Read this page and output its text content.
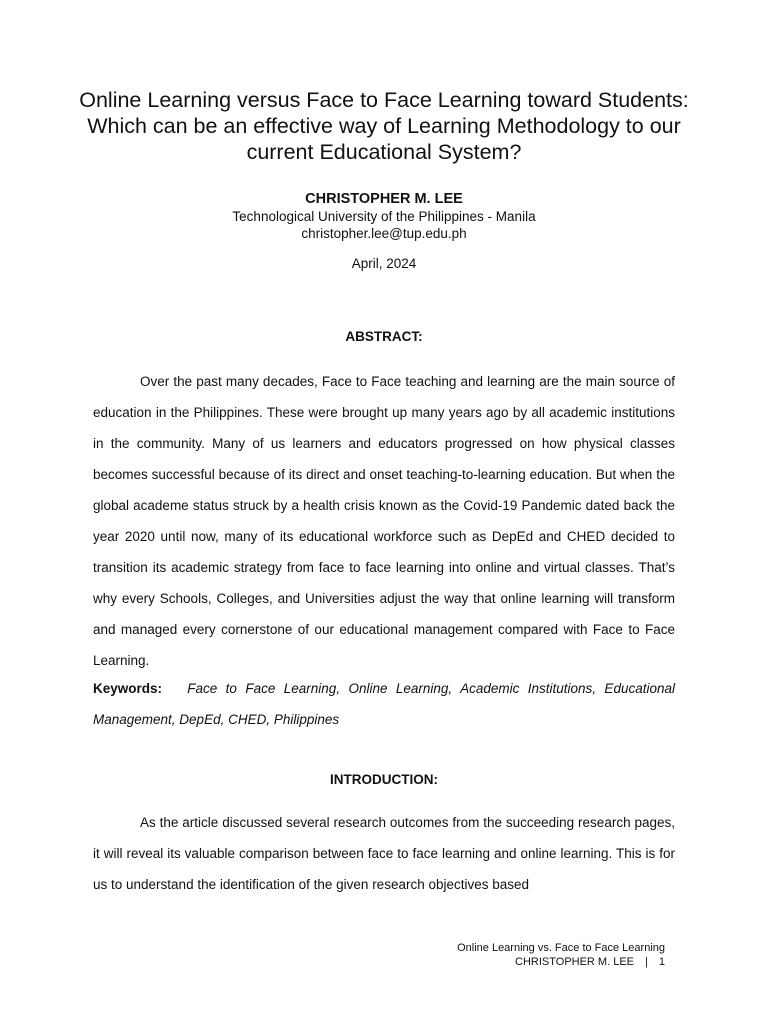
Online Learning versus Face to Face Learning toward Students: Which can be an effective way of Learning Methodology to our current Educational System?
CHRISTOPHER M. LEE
Technological University of the Philippines - Manila
christopher.lee@tup.edu.ph
April, 2024
ABSTRACT:
Over the past many decades, Face to Face teaching and learning are the main source of education in the Philippines. These were brought up many years ago by all academic institutions in the community. Many of us learners and educators progressed on how physical classes becomes successful because of its direct and onset teaching-to-learning education. But when the global academe status struck by a health crisis known as the Covid-19 Pandemic dated back the year 2020 until now, many of its educational workforce such as DepEd and CHED decided to transition its academic strategy from face to face learning into online and virtual classes. That’s why every Schools, Colleges, and Universities adjust the way that online learning will transform and managed every cornerstone of our educational management compared with Face to Face Learning.
Keywords: Face to Face Learning, Online Learning, Academic Institutions, Educational Management, DepEd, CHED, Philippines
INTRODUCTION:
As the article discussed several research outcomes from the succeeding research pages, it will reveal its valuable comparison between face to face learning and online learning. This is for us to understand the identification of the given research objectives based
Online Learning vs. Face to Face Learning
CHRISTOPHER M. LEE | 1
